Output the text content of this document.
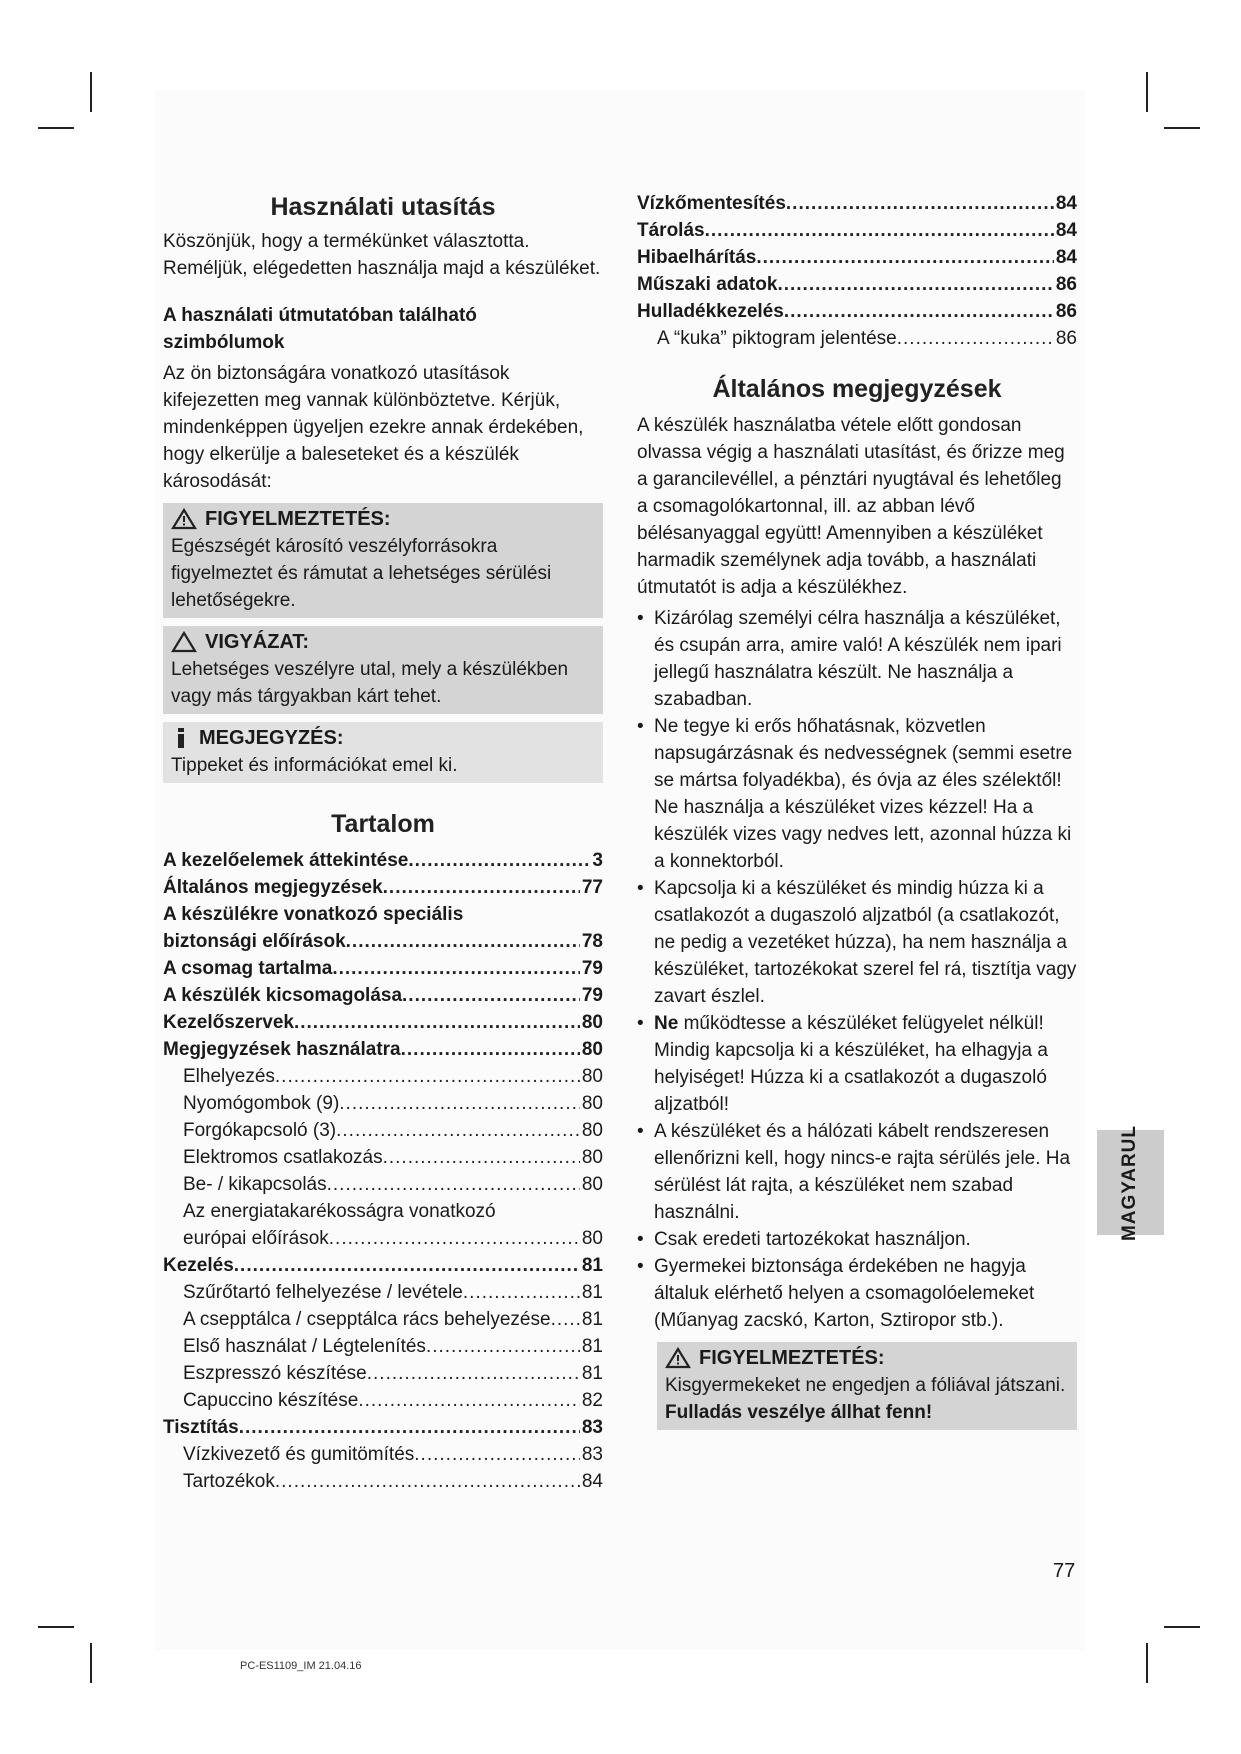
Használati utasítás

Köszönjük, hogy a termékünket választotta. Reméljük, elégedetten használja majd a készüléket.

A használati útmutatóban található szimbólumok

Az ön biztonságára vonatkozó utasítások kifejezetten meg vannak különböztetve. Kérjük, mindenképpen ügyeljen ezekre annak érdekében, hogy elkerülje a baleseteket és a készülék károsodását:

FIGYELMEZTETÉS:

Egészségét károsító veszélyforrásokra figyelmeztet és rámutat a lehetséges sérülési lehetőségekre.

VIGYÁZAT:

Lehetséges veszélyre utal, mely a készülékben vagy más tárgyakban kárt tehet.

MEGJEGYZÉS:

Tippeket és információkat emel ki.

Tartalom
A kezelőelemek áttekintése .....	3
Általános megjegyzések .....	77
A készülékre vonatkozó speciális
biztonsági előírások .....	78
A csomag tartalma .....	79
A készülék kicsomagolása .....	79
Kezelőszervek .....	80
Megjegyzések használatra .....	80
Elhelyezés .....	80
Nyomógombok (9) .....	80
Forgókapcsoló (3) .....	80
Elektromos csatlakozás .....	80
Be- / kikapcsolás .....	80
Az energiatakarékosságra vonatkozó
európai előírások .....	80
Kezelés .....	81
Szűrőtartó felhelyezése / levétele .....	81
A csepptálca / csepptálca rács behelyezése ..... 81
Első használat / Légtelenítés .....	81
Eszpresszó készítése .....	81
Capuccino készítése .....	82
Tisztítás .....	83
Vízkivezető és gumitömítés .....	83
Tartozékok .....	84
Vízkőmentesítés .....	84
Tárolás .....	84
Hibaelhárítás .....	84
Műszaki adatok .....	86
Hulladékkezelés .....	86
A “kuka” piktogram jelentése .....	86
Általános megjegyzések

A készülék használatba vétele előtt gondosan olvassa végig a használati utasítást, és őrizze meg a garancilevéllel, a pénztári nyugtával és lehetőleg a csomagolókartonnal, ill. az abban lévő bélésanyaggal együtt! Amennyiben a készüléket harmadik személynek adja tovább, a használati útmutatót is adja a készülékhez.

• Kizárólag személyi célra használja a készüléket, és csupán arra, amire való! A készülék nem ipari jellegű használatra készült. Ne használja a szabadban.
• Ne tegye ki erős hőhatásnak, közvetlen napsugárzásnak és nedvességnek (semmi esetre se mártsa folyadékba), és óvja az éles szélektől! Ne használja a készüléket vizes kézzel! Ha a készülék vizes vagy nedves lett, azonnal húzza ki a konnektorból.
• Kapcsolja ki a készüléket és mindig húzza ki a csatlakozót a dugaszoló aljzatból (a csatlakozót, ne pedig a vezetéket húzza), ha nem használja a készüléket, tartozékokat szerel fel rá, tisztítja vagy zavart észlel.
• Ne működtesse a készüléket felügyelet nélkül! Mindig kapcsolja ki a készüléket, ha elhagyja a helyiséget! Húzza ki a csatlakozót a dugaszoló aljzatból!
• A készüléket és a hálózati kábelt rendszeresen ellenőrizni kell, hogy nincs-e rajta sérülés jele. Ha sérülést lát rajta, a készüléket nem szabad használni.
• Csak eredeti tartozékokat használjon.
• Gyermekei biztonsága érdekében ne hagyja általuk elérhető helyen a csomagolóelemeket (Műanyag zacskó, Karton, Sztiropor stb.).
FIGYELMEZTETÉS:

Kisgyermekeket ne engedjen a fóliával játszani.

Fulladás veszélye állhat fenn!

MAGYARUL
77
PC-ES1109_IM 21.04.16
